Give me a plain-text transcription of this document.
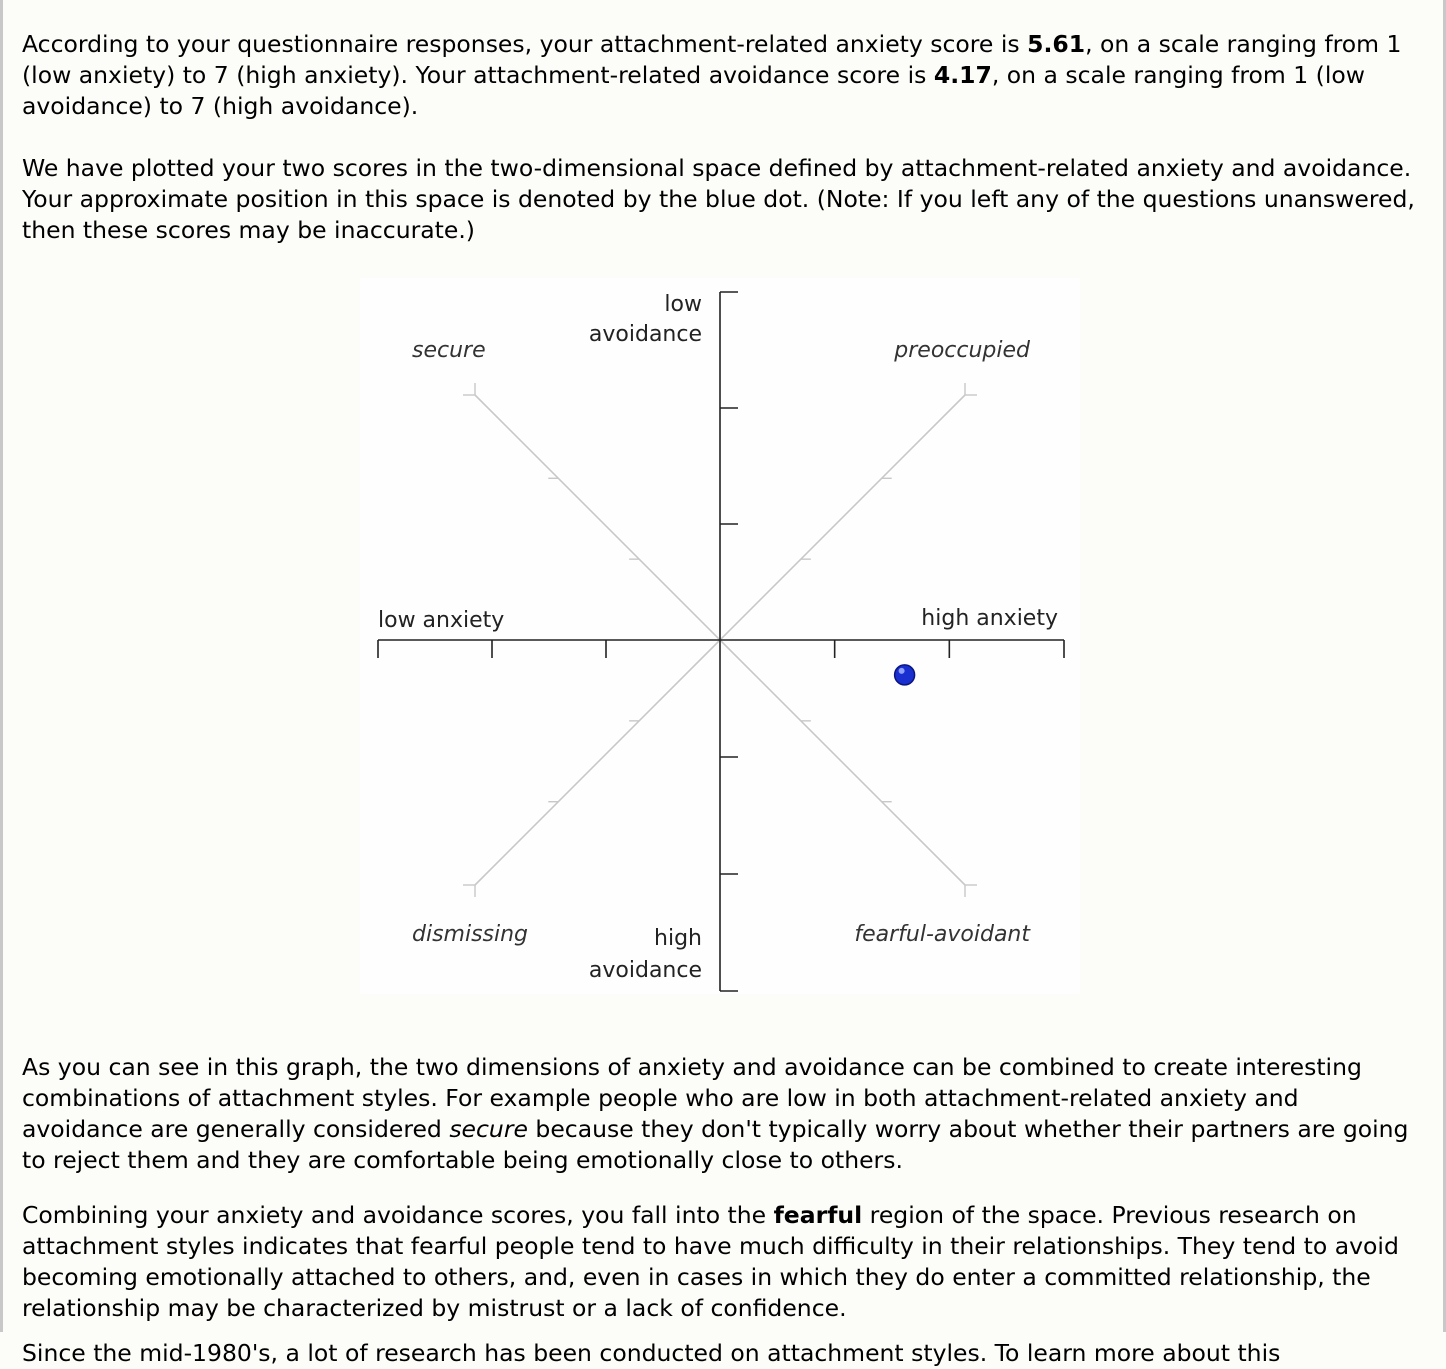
According to your questionnaire responses, your attachment-related anxiety score is 5.61, on a scale ranging from 1 (low anxiety) to 7 (high anxiety). Your attachment-related avoidance score is 4.17, on a scale ranging from 1 (low avoidance) to 7 (high avoidance).

We have plotted your two scores in the two-dimensional space defined by attachment-related anxiety and avoidance. Your approximate position in this space is denoted by the blue dot. (Note: If you left any of the questions unanswered, then these scores may be inaccurate.)

low
avoidance
high
avoidance
low anxiety	high anxiety
secure	preoccupied
dismissing	fearful-avoidant

As you can see in this graph, the two dimensions of anxiety and avoidance can be combined to create interesting combinations of attachment styles. For example people who are low in both attachment-related anxiety and avoidance are generally considered secure because they don't typically worry about whether their partners are going to reject them and they are comfortable being emotionally close to others.

Combining your anxiety and avoidance scores, you fall into the fearful region of the space. Previous research on attachment styles indicates that fearful people tend to have much difficulty in their relationships. They tend to avoid becoming emotionally attached to others, and, even in cases in which they do enter a committed relationship, the relationship may be characterized by mistrust or a lack of confidence.

Since the mid-1980's, a lot of research has been conducted on attachment styles. To learn more about this
